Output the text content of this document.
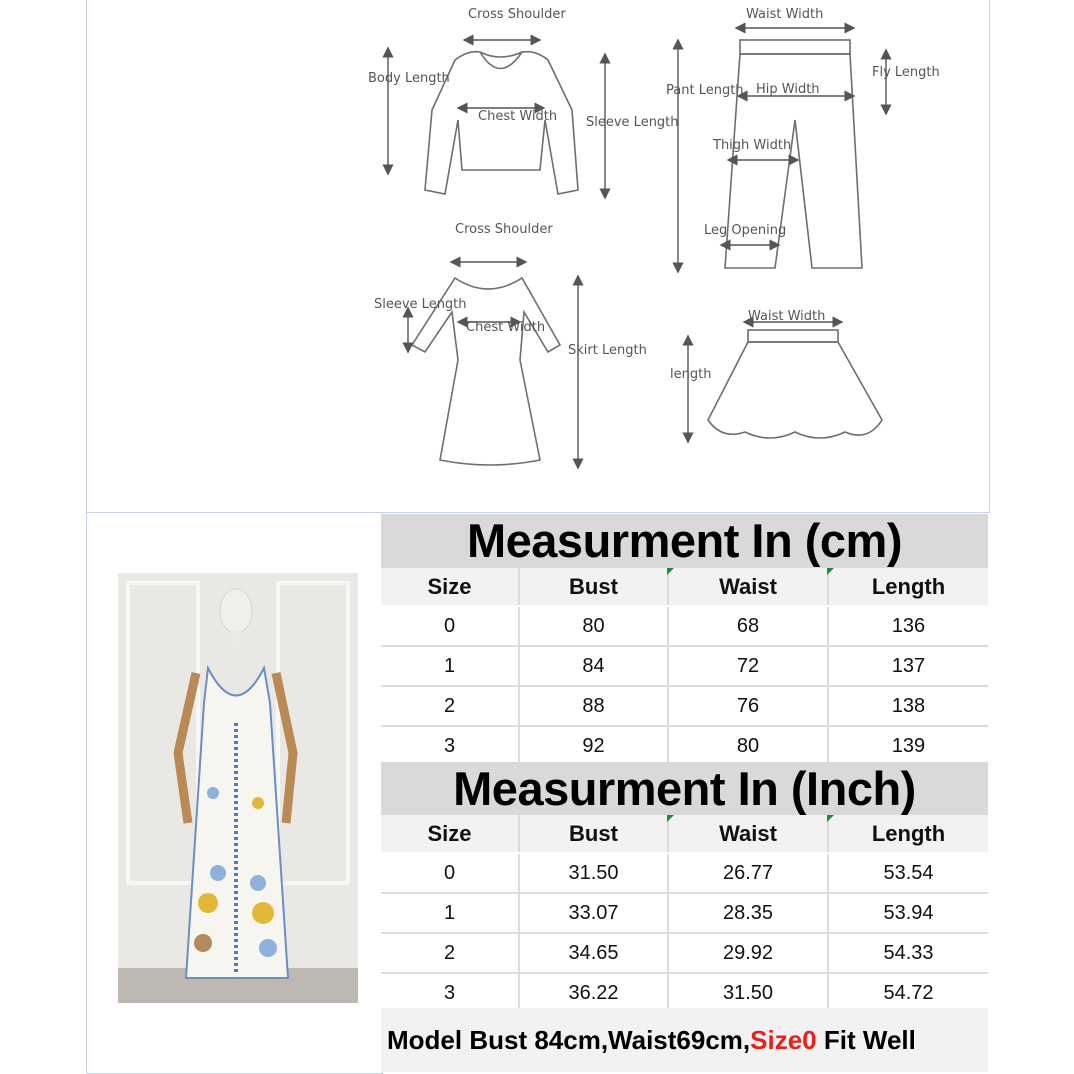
Cross Shoulder
Body Length
Chest Width Sleeve Length
Waist Width
Fly Length
Pant Length Hip Width
Thigh Width
Leg Opening
Cross Shoulder
Sleeve Length
Chest Width
Skirt Length
Waist Width
length
Measurment In (cm)
Size	Bust	Waist	Length
0	80	68	136
1	84	72	137
2	88	76	138
3	92	80	139
Measurment In (Inch)
Size	Bust	Waist	Length
0	31.50	26.77	53.54
1	33.07	28.35	53.94
2	34.65	29.92	54.33
3	36.22	31.50	54.72
Model Bust 84cm,Waist69cm,Size0 Fit Well
